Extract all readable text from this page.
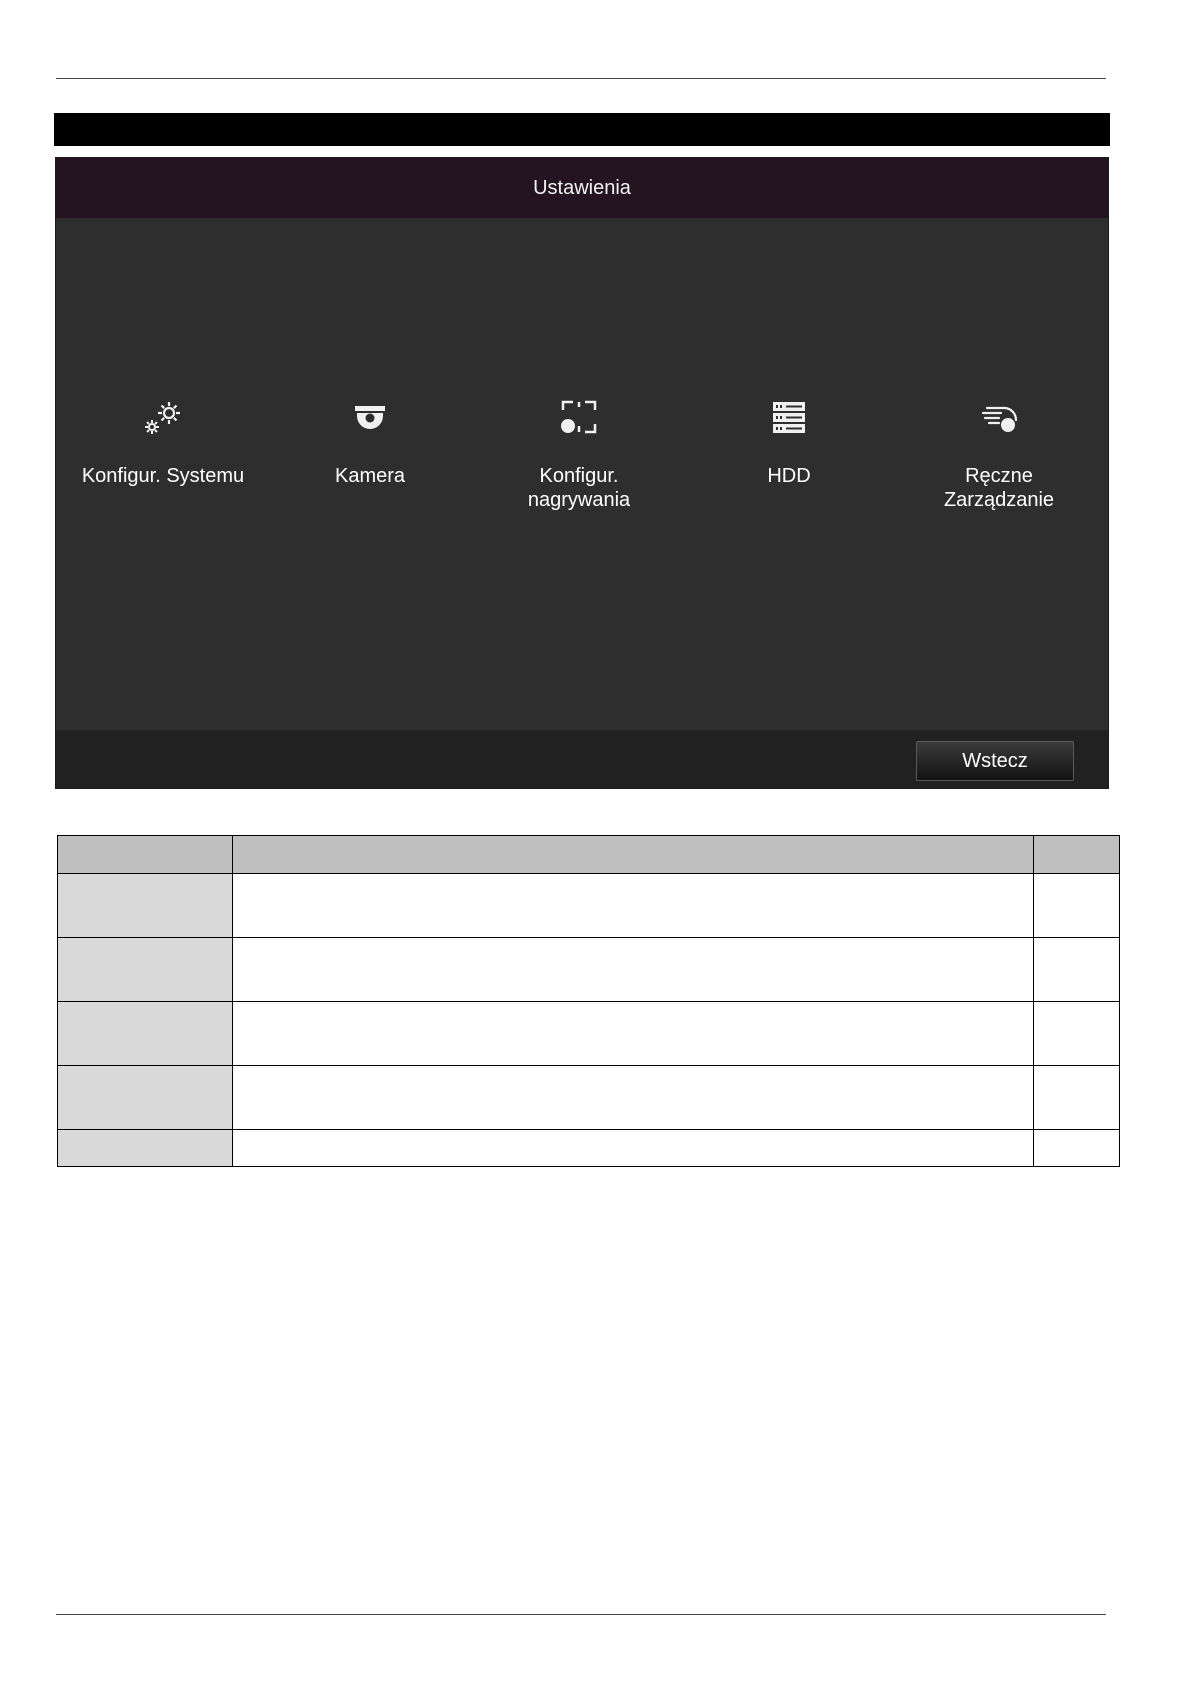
Ustawienia
Konfigur. Systemu	Kamera	Konfigur.
nagrywania
HDD	Ręczne
Zarządzanie
Wstecz
